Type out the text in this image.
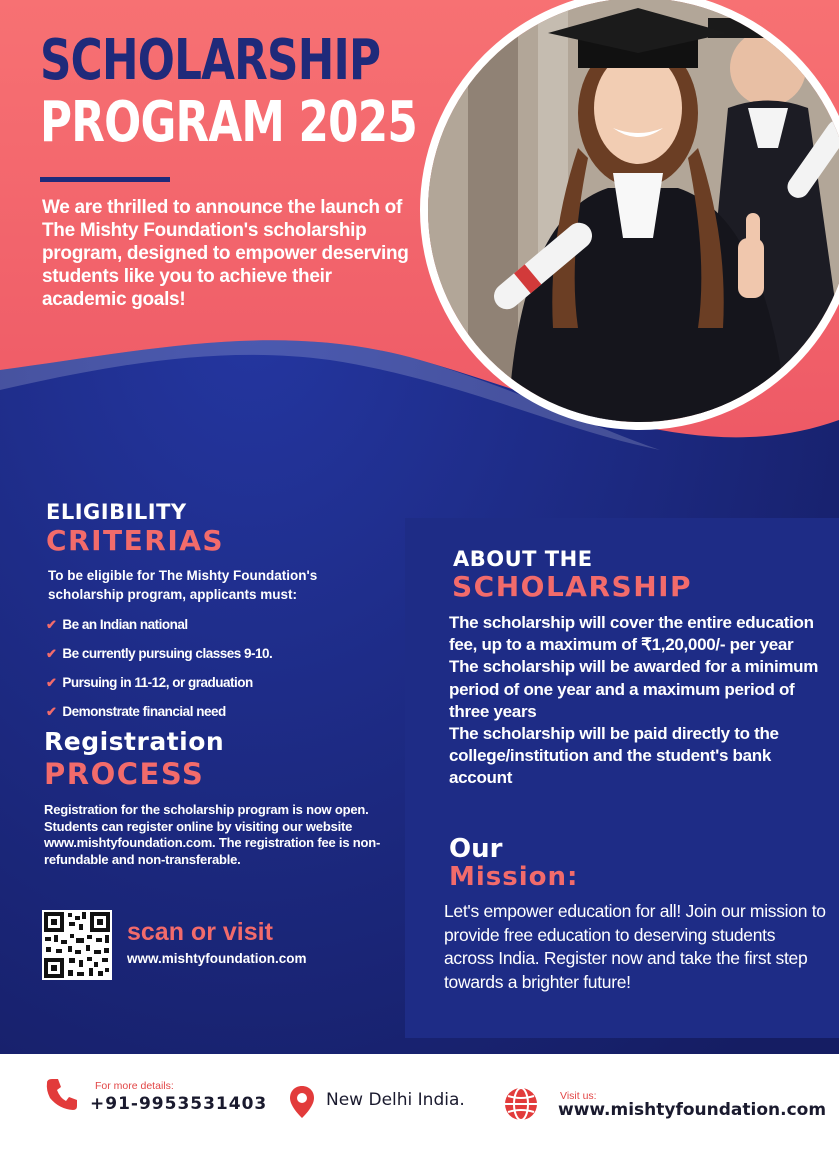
SCHOLARSHIP
PROGRAM 2025

We are thrilled to announce the launch of The Mishty Foundation's scholarship program, designed to empower deserving students like you to achieve their academic goals!

ELIGIBILITY
CRITERIAS

To be eligible for The Mishty Foundation's scholarship program, applicants must:

✔ Be an Indian national
✔ Be currently pursuing classes 9-10.
✔ Pursuing in 11-12, or graduation
✔ Demonstrate financial need
Registration
PROCESS

Registration for the scholarship program is now open. Students can register online by visiting our website www.mishtyfoundation.com. The registration fee is non-refundable and non-transferable.

scan or visit
www.mishtyfoundation.com
ABOUT THE
SCHOLARSHIP
The scholarship will cover the entire education fee, up to a maximum of ₹1,20,000/- per year
The scholarship will be awarded for a minimum period of one year and a maximum period of three years
The scholarship will be paid directly to the college/institution and the student's bank account
Our
Mission:

Let's empower education for all! Join our mission to provide free education to deserving students across India. Register now and take the first step towards a brighter future!

For more details:
+91-9953531403	New Delhi India.	Visit us:
www.mishtyfoundation.com
